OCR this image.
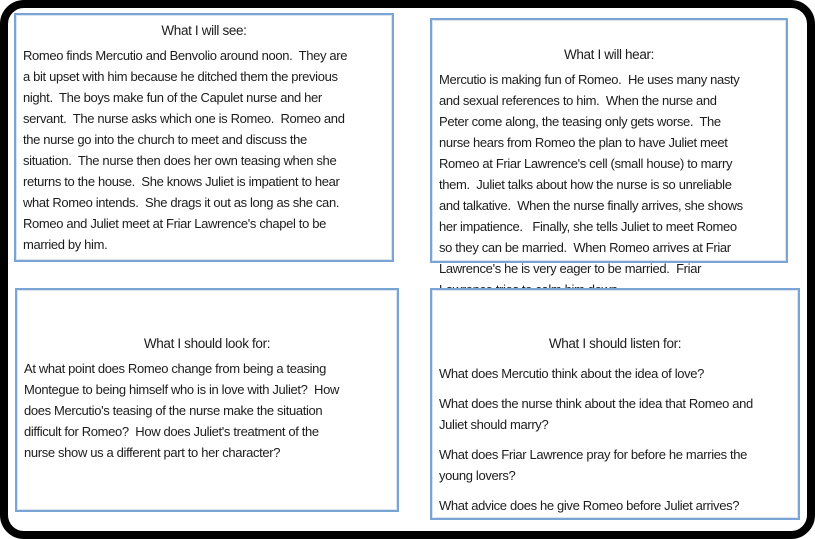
What I will see:

Romeo finds Mercutio and Benvolio around noon.  They are
a bit upset with him because he ditched them the previous
night.  The boys make fun of the Capulet nurse and her
servant.  The nurse asks which one is Romeo.  Romeo and
the nurse go into the church to meet and discuss the
situation.  The nurse then does her own teasing when she
returns to the house.  She knows Juliet is impatient to hear
what Romeo intends.  She drags it out as long as she can.
Romeo and Juliet meet at Friar Lawrence's chapel to be
married by him.

What I will hear:

Mercutio is making fun of Romeo.  He uses many nasty
and sexual references to him.  When the nurse and
Peter come along, the teasing only gets worse.  The
nurse hears from Romeo the plan to have Juliet meet
Romeo at Friar Lawrence's cell (small house) to marry
them.  Juliet talks about how the nurse is so unreliable
and talkative.  When the nurse finally arrives, she shows
her impatience.   Finally, she tells Juliet to meet Romeo
so they can be married.  When Romeo arrives at Friar
Lawrence's he is very eager to be married.  Friar

What I should look for:

At what point does Romeo change from being a teasing
Montegue to being himself who is in love with Juliet?  How
does Mercutio's teasing of the nurse make the situation
difficult for Romeo?  How does Juliet's treatment of the
nurse show us a different part to her character?

What I should listen for:

What does Mercutio think about the idea of love?

What does the nurse think about the idea that Romeo and
Juliet should marry?

What does Friar Lawrence pray for before he marries the
young lovers?

What advice does he give Romeo before Juliet arrives?
